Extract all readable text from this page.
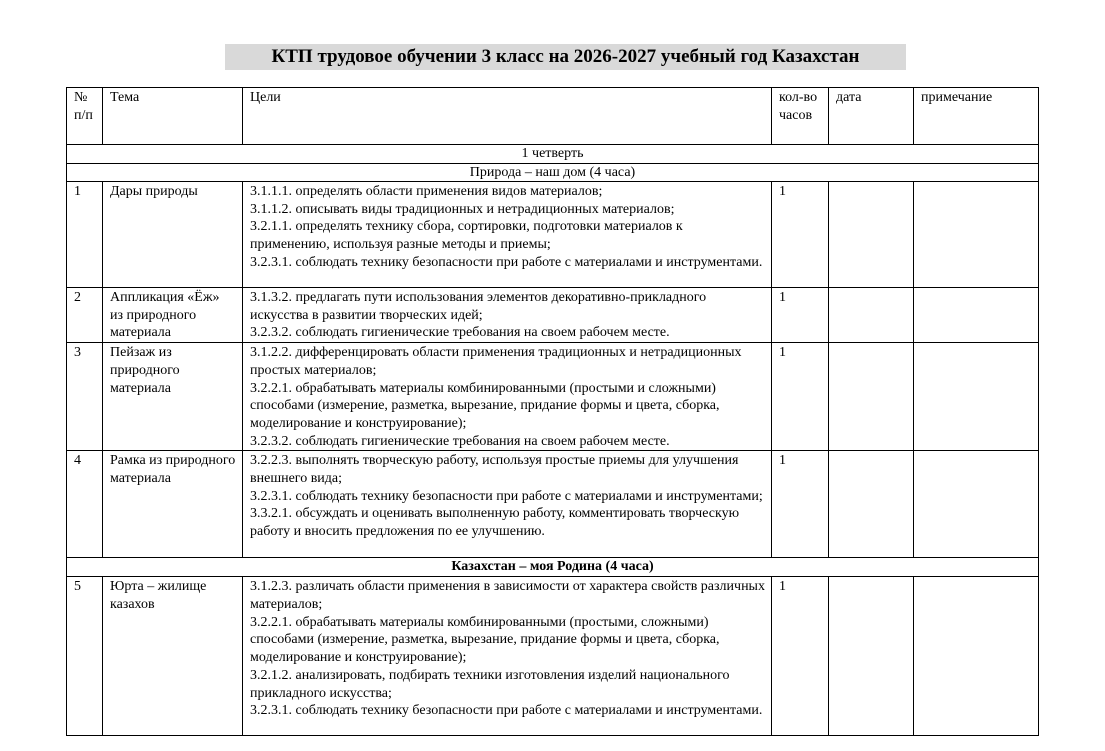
КТП трудовое обучении 3 класс на 2026-2027 учебный год Казахстан
№ п/п	Тема	Цели	кол-во часов	дата	примечание
1 четверть					
Природа – наш дом (4 часа)					
1	Дары природы	3.1.1.1. определять области применения видов материалов;
3.1.1.2. описывать виды традиционных и нетрадиционных материалов;
3.2.1.1. определять технику сбора, сортировки, подготовки материалов к применению, используя разные методы и приемы;
3.2.3.1. соблюдать технику безопасности при работе с материалами и инструментами.	1		
2	Аппликация «Ёж» из природного материала	3.1.3.2. предлагать пути использования элементов декоративно-прикладного искусства в развитии творческих идей;
3.2.3.2. соблюдать гигиенические требования на своем рабочем месте.	1		
3	Пейзаж из природного материала	3.1.2.2. дифференцировать области применения традиционных и нетрадиционных простых материалов;
3.2.2.1. обрабатывать материалы комбинированными (простыми и сложными) способами (измерение, разметка, вырезание, придание формы и цвета, сборка, моделирование и конструирование);
3.2.3.2. соблюдать гигиенические требования на своем рабочем месте.	1		
4	Рамка из природного материала	3.2.2.3. выполнять творческую работу, используя простые приемы для улучшения внешнего вида;
3.2.3.1. соблюдать технику безопасности при работе с материалами и инструментами;
3.3.2.1. обсуждать и оценивать выполненную работу, комментировать творческую работу и вносить предложения по ее улучшению.	1		
Казахстан – моя Родина (4 часа)					
5	Юрта – жилище казахов	3.1.2.3. различать области применения в зависимости от характера свойств различных материалов;
3.2.2.1. обрабатывать материалы комбинированными (простыми, сложными) способами (измерение, разметка, вырезание, придание формы и цвета, сборка, моделирование и конструирование);
3.2.1.2. анализировать, подбирать техники изготовления изделий национального прикладного искусства;
3.2.3.1. соблюдать технику безопасности при работе с материалами и инструментами.	1		
